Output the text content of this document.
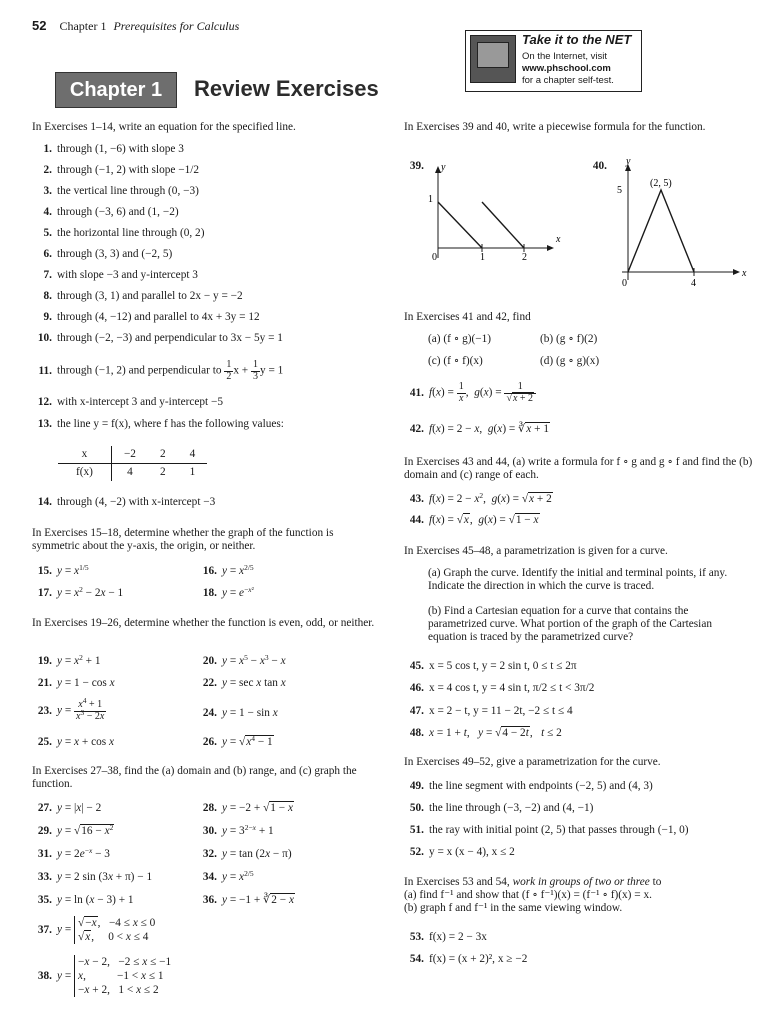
52 Chapter 1 Prerequisites for Calculus
Take it to the NET
On the Internet, visit
www.phschool.com
for a chapter self-test.
Chapter 1	Review Exercises
In Exercises 1–14, write an equation for the specified line.
1. through (1, −6) with slope 3
2. through (−1, 2) with slope −1/2
3. the vertical line through (0, −3)
4. through (−3, 6) and (1, −2)
5. the horizontal line through (0, 2)
6. through (3, 3) and (−2, 5)
7. with slope −3 and y-intercept 3
8. through (3, 1) and parallel to 2x − y = −2
9. through (4, −12) and parallel to 4x + 3y = 12
10. through (−2, −3) and perpendicular to 3x − 5y = 1
11. through (−1, 2) and perpendicular to $\frac{1}{2}$ $x + \frac{1}{3}$ y = 1
12. with x-intercept 3 and y-intercept −5
13. the line y = f(x), where f has the following values:
x	−2	2	4
f(x)	4	2	1
14. through (4, −2) with x-intercept −3
In Exercises 15–18, determine whether the graph of the function is symmetric about the y-axis, the origin, or neither.
15. $y = x^{1/5}$	16. $y = x^{2/5}$
17. $y = x^2 - 2x - 1$	18. $y = e^{-x^2}$
In Exercises 19–26, determine whether the function is even, odd, or neither.
19. $y = x^2 + 1$	20. $y = x^5 - x^3 - x$
21. y = 1 − cos x	22. y = sec x tan x
23. $y = \frac{x^4 + 1}{x^3 - 2x}$	24. y = 1 − sin x
25. y = x + cos x	26. $y = √x^4 - 1$
In Exercises 27–38, find the (a) domain and (b) range, and (c) graph the function.
27. y = |x| − 2	28. y = −2 + √1 − x
29. $y = √16 - x^2$	30. $y = 3^{2-x} + 1$
31. $y = 2e^{-x} - 3$	32. y = tan (2x − π)
33. y = 2 sin (3x + π) − 1	34. $y = x^{2/5}$
35. y = ln (x − 3) + 1	36. y = −1 + ∛2 − x
37. y = √−x,   −4 ≤ x ≤ 0
√x,     0 < x ≤ 4
38. y = −x − 2,   −2 ≤ x ≤ −1
x,           −1 < x ≤ 1
−x + 2,   1 < x ≤ 2
In Exercises 39 and 40, write a piecewise formula for the function.
39.	y
x
1
0	1	2
40.	y
x
5
0	4
(2, 5)
In Exercises 41 and 42, find
(a) (f ∘ g)(−1)	(b) (g ∘ f)(2)
(c) (f ∘ f)(x)	(d) (g ∘ g)(x)
41. $f(x) = \frac{1}{x}$ ,  $g(x) = \frac{1}{√x + 2}$
42. f(x) = 2 − x,  g(x) = ∛x + 1
In Exercises 43 and 44, (a) write a formula for f ∘ g and g ∘ f and find the (b) domain and (c) range of each.
43. $f(x) = 2 - x^2$,  g(x) = √x + 2
44. f(x) = √x,  g(x) = √1 − x
In Exercises 45–48, a parametrization is given for a curve.
(a) Graph the curve. Identify the initial and terminal points, if any. Indicate the direction in which the curve is traced.
(b) Find a Cartesian equation for a curve that contains the parametrized curve. What portion of the graph of the Cartesian equation is traced by the parametrized curve?
45. x = 5 cos t, y = 2 sin t, 0 ≤ t ≤ 2π
46. x = 4 cos t, y = 4 sin t, π/2 ≤ t < 3π/2
47. x = 2 − t, y = 11 − 2t, −2 ≤ t ≤ 4
48. x = 1 + t,   y = √4 − 2t,   t ≤ 2
In Exercises 49–52, give a parametrization for the curve.
49. the line segment with endpoints (−2, 5) and (4, 3)
50. the line through (−3, −2) and (4, −1)
51. the ray with initial point (2, 5) that passes through (−1, 0)
52. y = x (x − 4), x ≤ 2
In Exercises 53 and 54, work in groups of two or three to
(a) find f⁻¹ and show that (f ∘ f⁻¹)(x) = (f⁻¹ ∘ f)(x) = x.
(b) graph f and f⁻¹ in the same viewing window.
53. f(x) = 2 − 3x
54. f(x) = (x + 2)², x ≥ −2
